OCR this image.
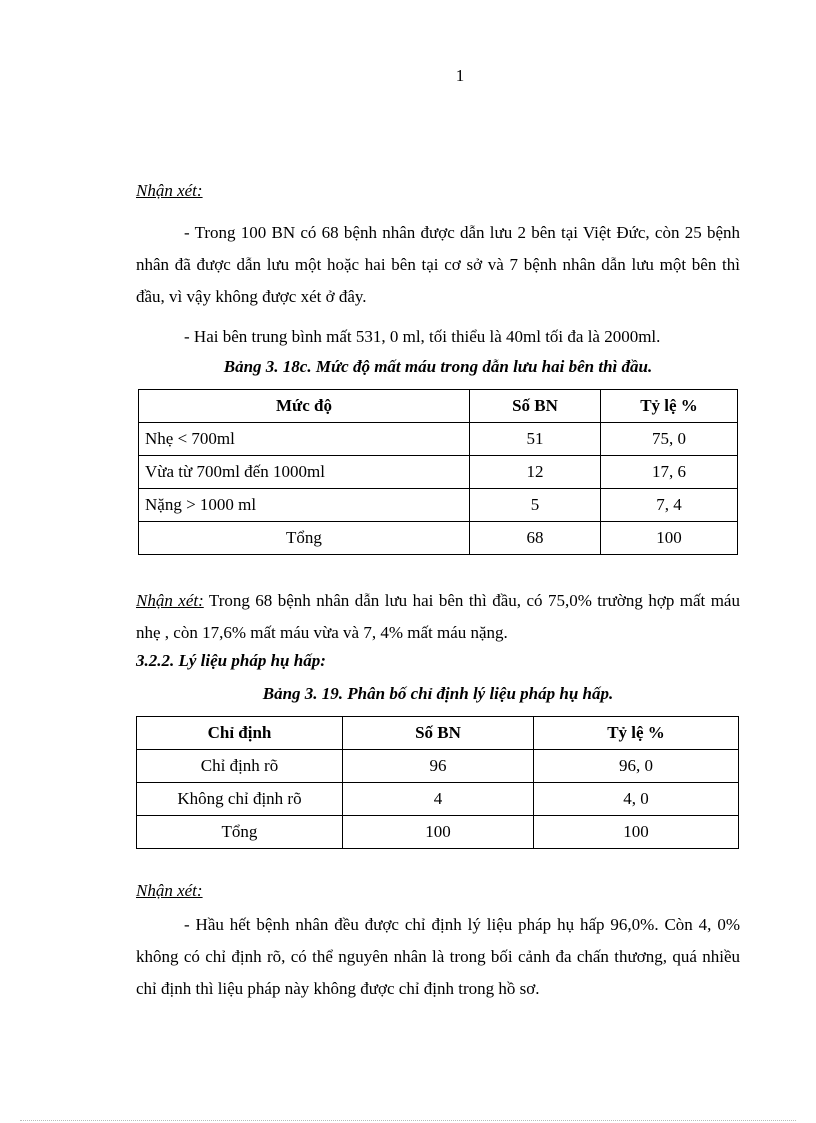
1
Nhận xét:
- Trong 100 BN có 68 bệnh nhân được dẫn lưu 2 bên tại Việt Đức, còn 25 bệnh nhân đã được dẫn lưu một hoặc hai bên tại cơ sở và 7 bệnh nhân dẫn lưu một bên thì đầu, vì vậy không được xét ở đây.
- Hai bên trung bình mất 531, 0 ml, tối thiểu là 40ml tối đa là 2000ml.
Bảng 3. 18c. Mức độ mất máu trong dẫn lưu hai bên thì đầu.
Mức độ	Số BN	Tỷ lệ %
Nhẹ < 700ml	51	75, 0
Vừa từ 700ml đến 1000ml	12	17, 6
Nặng > 1000 ml	5	7, 4
Tổng	68	100
Nhận xét: Trong 68 bệnh nhân dẫn lưu hai bên thì đầu, có 75,0% trường hợp mất máu nhẹ , còn 17,6% mất máu vừa và 7, 4% mất máu nặng.
3.2.2. Lý liệu pháp hụ hấp:
Bảng 3. 19. Phân bố chỉ định lý liệu pháp hụ hấp.
Chỉ định	Số BN	Tỷ lệ %
Chỉ định rõ	96	96, 0
Không chỉ định rõ	4	4, 0
Tổng	100	100
Nhận xét:
- Hầu hết bệnh nhân đều được chỉ định lý liệu pháp hụ hấp 96,0%. Còn 4, 0% không có chỉ định rõ, có thể nguyên nhân là trong bối cảnh đa chấn thương, quá nhiều chỉ định thì liệu pháp này không được chỉ định trong hồ sơ.
